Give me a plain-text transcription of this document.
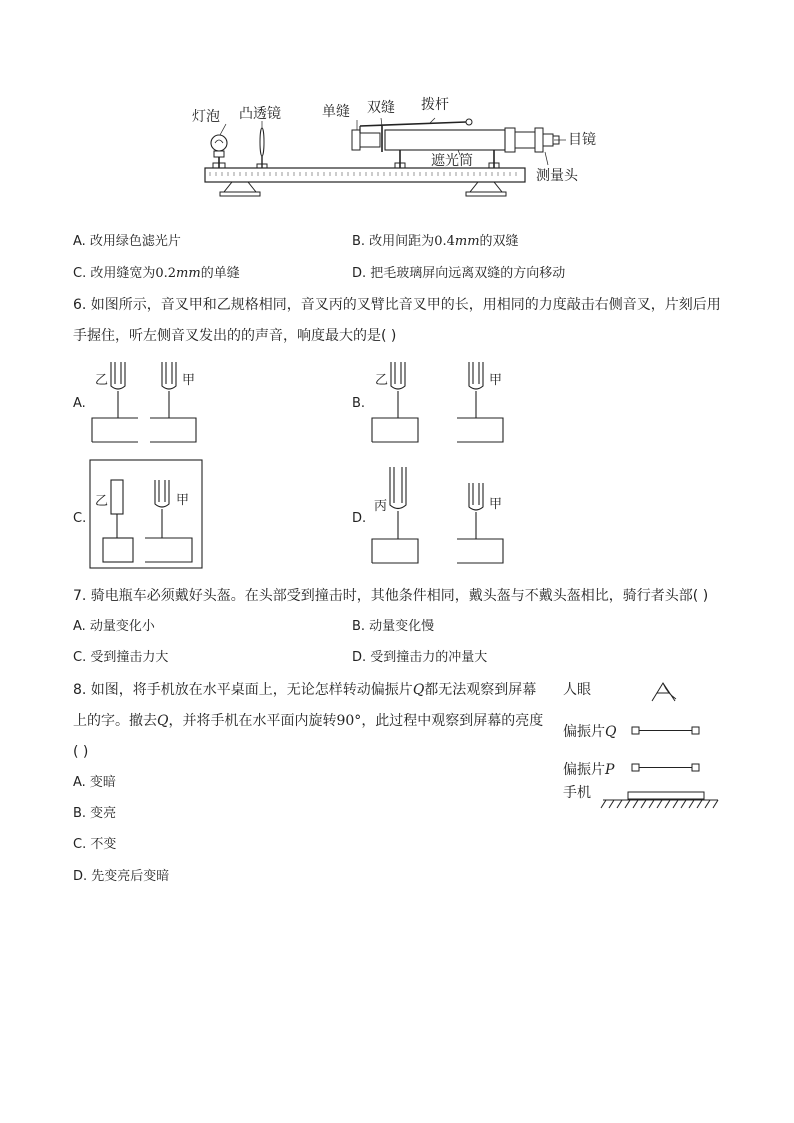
灯泡 凸透镜	单缝 双缝 拨杆
目镜
遮光筒
测量头
A. 改用绿色滤光片	B. 改用间距为0.4mm的双缝
C. 改用缝宽为0.2mm的单缝	D. 把毛玻璃屏向远离双缝的方向移动
6. 如图所示，音叉甲和乙规格相同，音叉丙的叉臂比音叉甲的长，用相同的力度敲击右侧音叉，片刻后用
手握住，听左侧音叉发出的的声音，响度最大的是( )
A.	B.
C.	D.
乙	甲	乙	甲
乙	甲	丙	甲
7. 骑电瓶车必须戴好头盔。在头部受到撞击时，其他条件相同，戴头盔与不戴头盔相比，骑行者头部( )
A. 动量变化小	B. 动量变化慢
C. 受到撞击力大	D. 受到撞击力的冲量大
8. 如图，将手机放在水平桌面上，无论怎样转动偏振片Q都无法观察到屏幕
上的字。撤去Q，并将手机在水平面内旋转90°，此过程中观察到屏幕的亮度
( )
A. 变暗
B. 变亮
C. 不变
D. 先变亮后变暗
人眼
偏振片Q
偏振片P
手机
